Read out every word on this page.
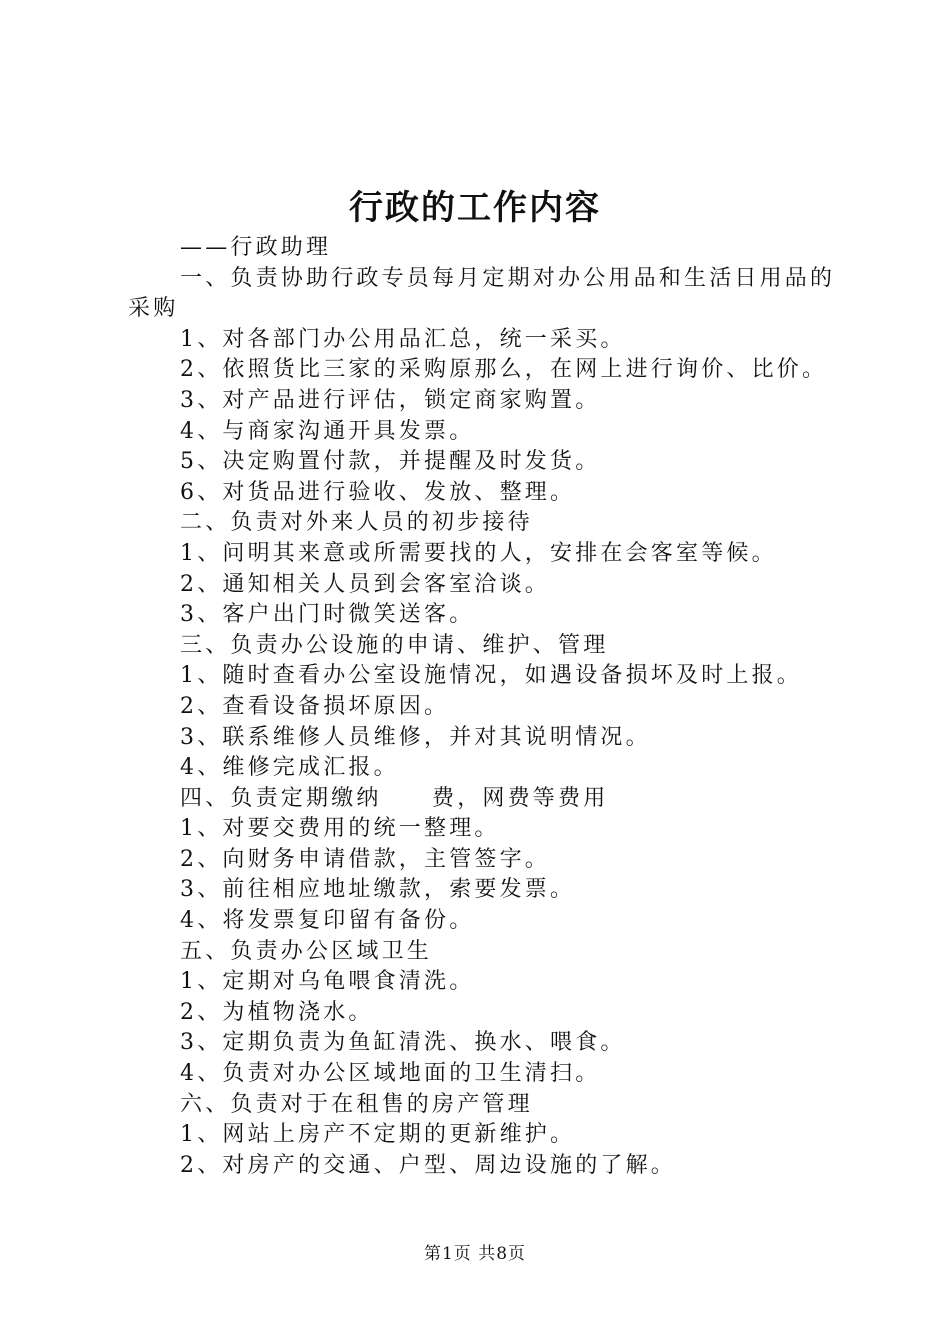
行政的工作内容
——行政助理
一、负责协助行政专员每月定期对办公用品和生活日用品的采购
1、对各部门办公用品汇总，统一采买。
2、依照货比三家的采购原那么，在网上进行询价、比价。
3、对产品进行评估，锁定商家购置。
4、与商家沟通开具发票。
5、决定购置付款，并提醒及时发货。
6、对货品进行验收、发放、整理。
二、负责对外来人员的初步接待
1、问明其来意或所需要找的人，安排在会客室等候。
2、通知相关人员到会客室洽谈。
3、客户出门时微笑送客。
三、负责办公设施的申请、维护、管理
1、随时查看办公室设施情况，如遇设备损坏及时上报。
2、查看设备损坏原因。
3、联系维修人员维修，并对其说明情况。
4、维修完成汇报。
四、负责定期缴纳　　费，网费等费用
1、对要交费用的统一整理。
2、向财务申请借款，主管签字。
3、前往相应地址缴款，索要发票。
4、将发票复印留有备份。
五、负责办公区域卫生
1、定期对乌龟喂食清洗。
2、为植物浇水。
3、定期负责为鱼缸清洗、换水、喂食。
4、负责对办公区域地面的卫生清扫。
六、负责对于在租售的房产管理
1、网站上房产不定期的更新维护。
2、对房产的交通、户型、周边设施的了解。
第1页 共8页
